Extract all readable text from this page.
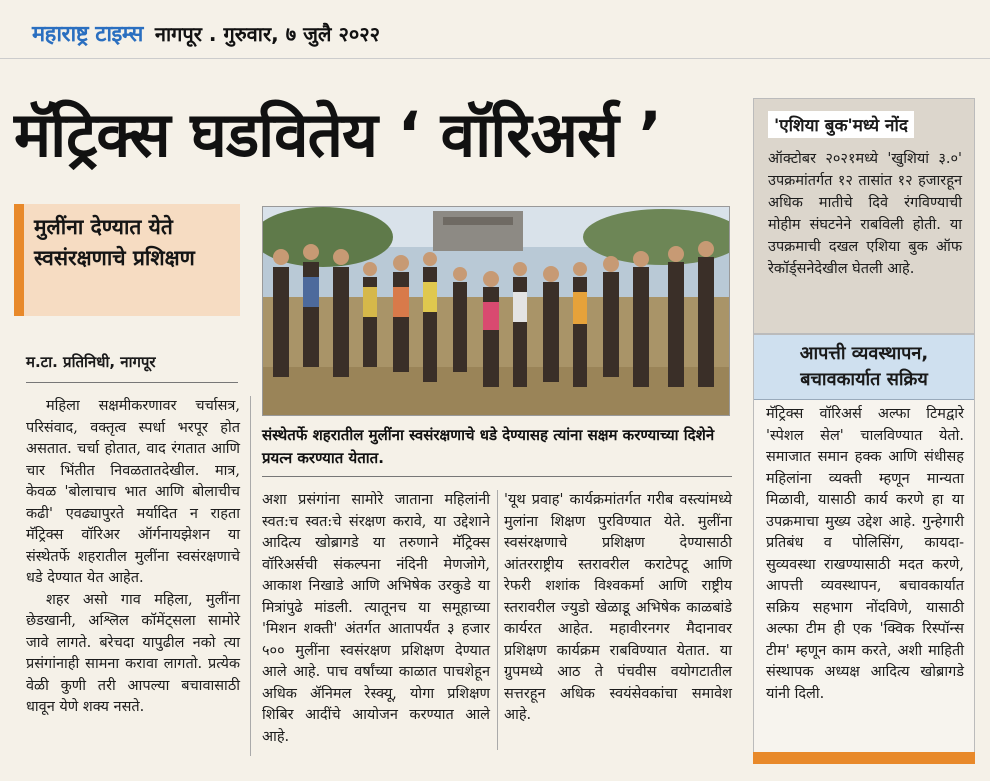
महाराष्ट्र टाइम्स नागपूर . गुरुवार, ७ जुलै २०२२
मॅट्रिक्स घडवितेय ‘ वॉरिअर्स ’
मुलींना देण्यात येते स्वसंरक्षणाचे प्रशिक्षण
म.टा. प्रतिनिधी, नागपूर

महिला सक्षमीकरणावर चर्चासत्र, परिसंवाद, वक्तृत्व स्पर्धा भरपूर होत असतात. चर्चा होतात, वाद रंगतात आणि चार भिंतीत निवळतातदेखील. मात्र, केवळ 'बोलाचाच भात आणि बोलाचीच कढी' एवढ्यापुरते मर्यादित न राहता मॅट्रिक्स वॉरिअर ऑर्गनायझेशन या संस्थेतर्फे शहरातील मुलींना स्वसंरक्षणाचे धडे देण्यात येत आहेत.

शहर असो गाव महिला, मुलींना छेडखानी, अश्लिल कॉमेंट्सला सामोरे जावे लागते. बरेचदा यापुढील नको त्या प्रसंगांनाही सामना करावा लागतो. प्रत्येक वेळी कुणी तरी आपल्या बचावासाठी धावून येणे शक्य नसते.

संस्थेतर्फे शहरातील मुलींना स्वसंरक्षणाचे धडे देण्यासह त्यांना सक्षम करण्याच्या दिशेने प्रयत्न करण्यात येतात.

अशा प्रसंगांना सामोरे जाताना महिलांनी स्वत:च स्वत:चे संरक्षण करावे, या उद्देशाने आदित्य खोब्रागडे या तरुणाने मॅट्रिक्स वॉरिअर्सची संकल्पना नंदिनी मेणजोगे, आकाश निखाडे आणि अभिषेक उरकुडे या मित्रांपुढे मांडली. त्यातूनच या समूहाच्या 'मिशन शक्ती' अंतर्गत आतापर्यंत ३ हजार ५०० मुलींना स्वसंरक्षण प्रशिक्षण देण्यात आले आहे. पाच वर्षांच्या काळात पाचशेहून अधिक ॲनिमल रेस्क्यू, योगा प्रशिक्षण शिबिर आदींचे आयोजन करण्यात आले आहे.

'यूथ प्रवाह' कार्यक्रमांतर्गत गरीब वस्त्यांमध्ये मुलांना शिक्षण पुरविण्यात येते. मुलींना स्वसंरक्षणाचे प्रशिक्षण देण्यासाठी आंतरराष्ट्रीय स्तरावरील कराटेपटू आणि रेफरी शशांक विश्वकर्मा आणि राष्ट्रीय स्तरावरील ज्युडो खेळाडू अभिषेक काळबांडे कार्यरत आहेत. महावीरनगर मैदानावर प्रशिक्षण कार्यक्रम राबविण्यात येतात. या ग्रुपमध्ये आठ ते पंचवीस वयोगटातील सत्तरहून अधिक स्वयंसेवकांचा समावेश आहे.

'एशिया बुक'मध्ये नोंद
ऑक्टोबर २०२१मध्ये 'खुशियां ३.०' उपक्रमांतर्गत १२ तासांत १२ हजारहून अधिक मातीचे दिवे रंगविण्याची मोहीम संघटनेने राबविली होती. या उपक्रमाची दखल एशिया बुक ऑफ रेकॉर्ड्सनेदेखील घेतली आहे.
आपत्ती व्यवस्थापन, बचावकार्यात सक्रिय
मॅट्रिक्स वॉरिअर्स अल्फा टिमद्वारे 'स्पेशल सेल' चालविण्यात येतो. समाजात समान हक्क आणि संधीसह महिलांना व्यक्ती म्हणून मान्यता मिळावी, यासाठी कार्य करणे हा या उपक्रमाचा मुख्य उद्देश आहे. गुन्हेगारी प्रतिबंध व पोलिसिंग, कायदा-सुव्यवस्था राखण्यासाठी मदत करणे, आपत्ती व्यवस्थापन, बचावकार्यात सक्रिय सहभाग नोंदविणे, यासाठी अल्फा टीम ही एक 'क्विक रिस्पॉन्स टीम' म्हणून काम करते, अशी माहिती संस्थापक अध्यक्ष आदित्य खोब्रागडे यांनी दिली.
